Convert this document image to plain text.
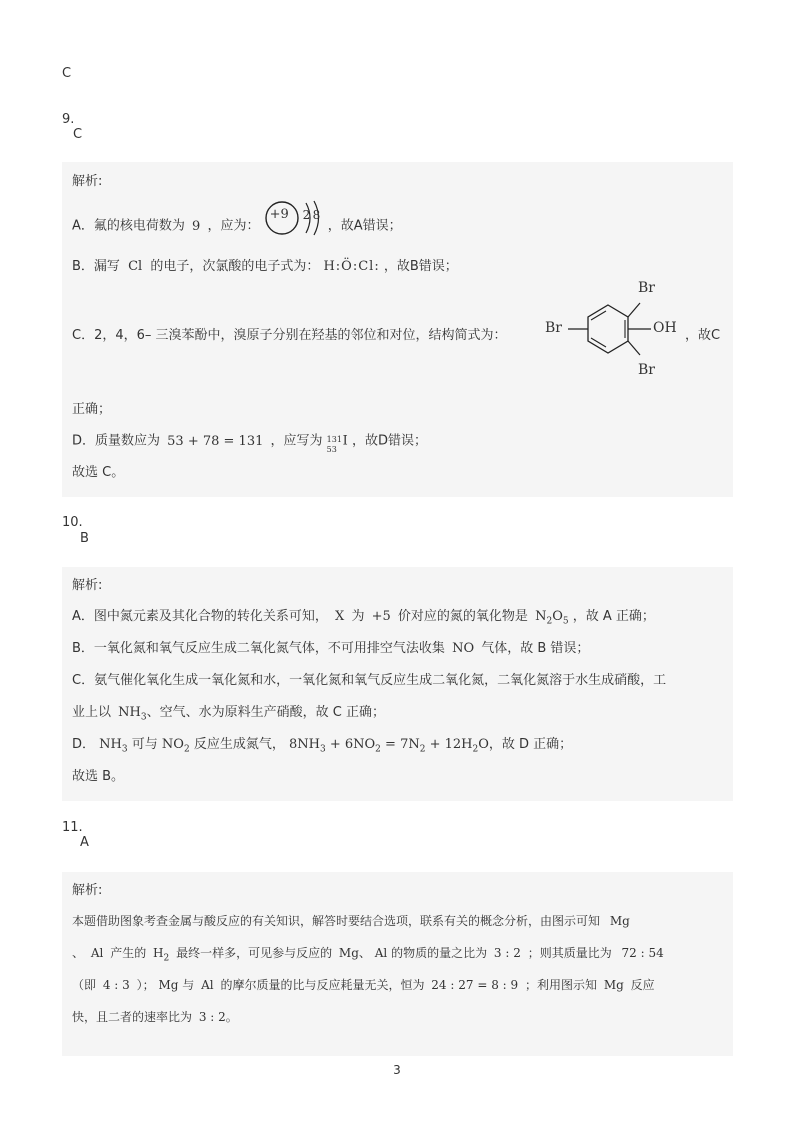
C
9.
C
解析:
A．氟的核电荷数为 9 ，应为：
+9 2 8
，故A错误；
B．漏写 Cl 的电子，次氯酸的电子式为： H:Ö:Cl: ，故B错误；
C．2，4，6– 三溴苯酚中，溴原子分别在羟基的邻位和对位，结构简式为：
Br
OH
Br
Br	，故C
正确；
D．质量数应为 53 + 78 = 131 ，应写为 131
53
I ，故D错误；
故选 C。
10.
B
解析:
A．图中氮元素及其化合物的转化关系可知， X 为 +5 价对应的氮的氧化物是 $N_2O_5$ ，故 A 正确；
B．一氧化氮和氧气反应生成二氧化氮气体，不可用排空气法收集 NO 气体，故 B 错误；
C．氨气催化氧化生成一氧化氮和水，一氧化氮和氧气反应生成二氧化氮，二氧化氮溶于水生成硝酸，工
业上以 $NH_3$、空气、水为原料生产硝酸，故 C 正确；
D． $NH_3$ 可与 $NO_2$ 反应生成氮气， $8NH_3 + 6NO_2 = 7N_2 + 12H_2O$，故 D 正确；
故选 B。
11.
A
解析:
本题借助图象考查金属与酸反应的有关知识，解答时要结合选项，联系有关的概念分析，由图示可知 Mg
、 Al 产生的 $H_2$ 最终一样多，可见参与反应的 Mg、 Al 的物质的量之比为 3 : 2 ；则其质量比为 72 : 54
（即 4 : 3 ）； Mg 与 Al 的摩尔质量的比与反应耗量无关，恒为 24 : 27 = 8 : 9 ；利用图示知 Mg 反应
快，且二者的速率比为 3 : 2。
3
